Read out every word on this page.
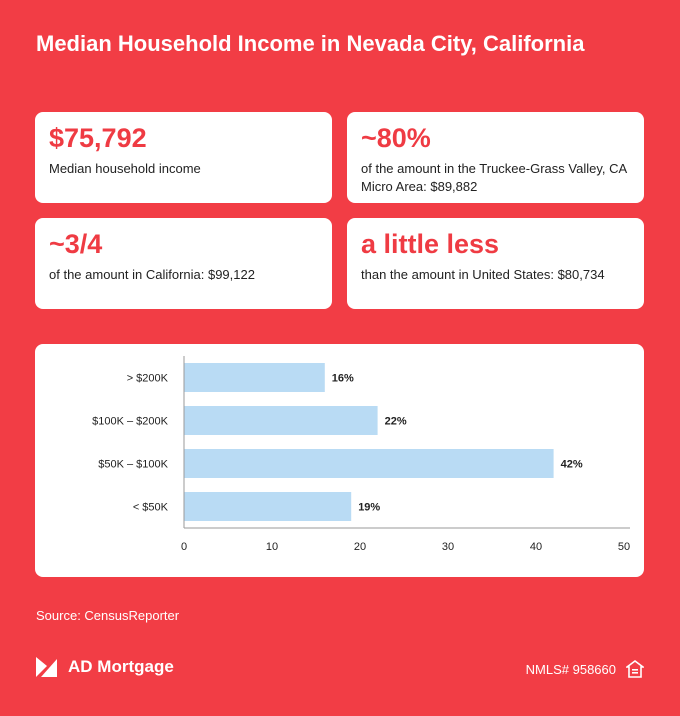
Median Household Income in Nevada City, California
$75,792
Median household income
~80%
of the amount in the Truckee-Grass Valley, CA Micro Area: $89,882
~3/4
of the amount in California: $99,122
a little less
than the amount in United States: $80,734
> $200K	16%
$100K – $200K	22%
$50K – $100K	42%
< $50K	19%
0	10	20	30	40	50
Source: CensusReporter
AD Mortgage	NMLS# 958660
